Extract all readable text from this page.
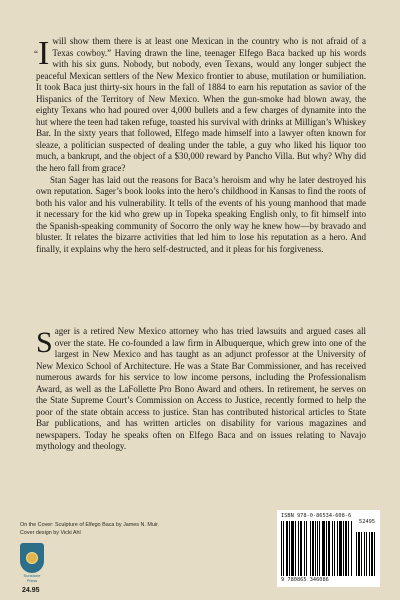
“I will show them there is at least one Mexican in the country who is not afraid of a Texas cowboy.” Having drawn the line, teenager Elfego Baca backed up his words with his six guns. Nobody, but nobody, even Texans, would any longer subject the peaceful Mexican settlers of the New Mexico frontier to abuse, mutilation or humiliation. It took Baca just thirty-six hours in the fall of 1884 to earn his reputation as savior of the Hispanics of the Territory of New Mexico. When the gun-smoke had blown away, the eighty Texans who had poured over 4,000 bullets and a few charges of dynamite into the hut where the teen had taken refuge, toasted his survival with drinks at Milligan’s Whiskey Bar. In the sixty years that followed, Elfego made himself into a lawyer often known for sleaze, a politician suspected of dealing under the table, a guy who liked his liquor too much, a bankrupt, and the object of a $30,000 reward by Pancho Villa. But why? Why did the hero fall from grace?

Stan Sager has laid out the reasons for Baca’s heroism and why he later destroyed his own reputation. Sager’s book looks into the hero’s childhood in Kansas to find the roots of both his valor and his vulnerability. It tells of the events of his young manhood that made it necessary for the kid who grew up in Topeka speaking English only, to fit himself into the Spanish-speaking community of Socorro the only way he knew how—by bravado and bluster. It relates the bizarre activities that led him to lose his reputation as a hero. And finally, it explains why the hero self-destructed, and it pleas for his forgiveness.

Sager is a retired New Mexico attorney who has tried lawsuits and argued cases all over the state. He co-founded a law firm in Albuquerque, which grew into one of the largest in New Mexico and has taught as an adjunct professor at the University of New Mexico School of Architecture. He was a State Bar Commissioner, and has received numerous awards for his service to low income persons, including the Professionalism Award, as well as the LaFollette Pro Bono Award and others. In retirement, he serves on the State Supreme Court’s Commission on Access to Justice, recently formed to help the poor of the state obtain access to justice. Stan has contributed historical articles to State Bar publications, and has written articles on disability for various magazines and newspapers. Today he speaks often on Elfego Baca and on issues relating to Navajo mythology and theology.
On the Cover: Sculpture of Elfego Baca by James N. Muir.
Cover design by Vicki Ahl
Sunstone
Press
24.95
ISBN 978-0-86534-608-6
52495
9 780865 346086
